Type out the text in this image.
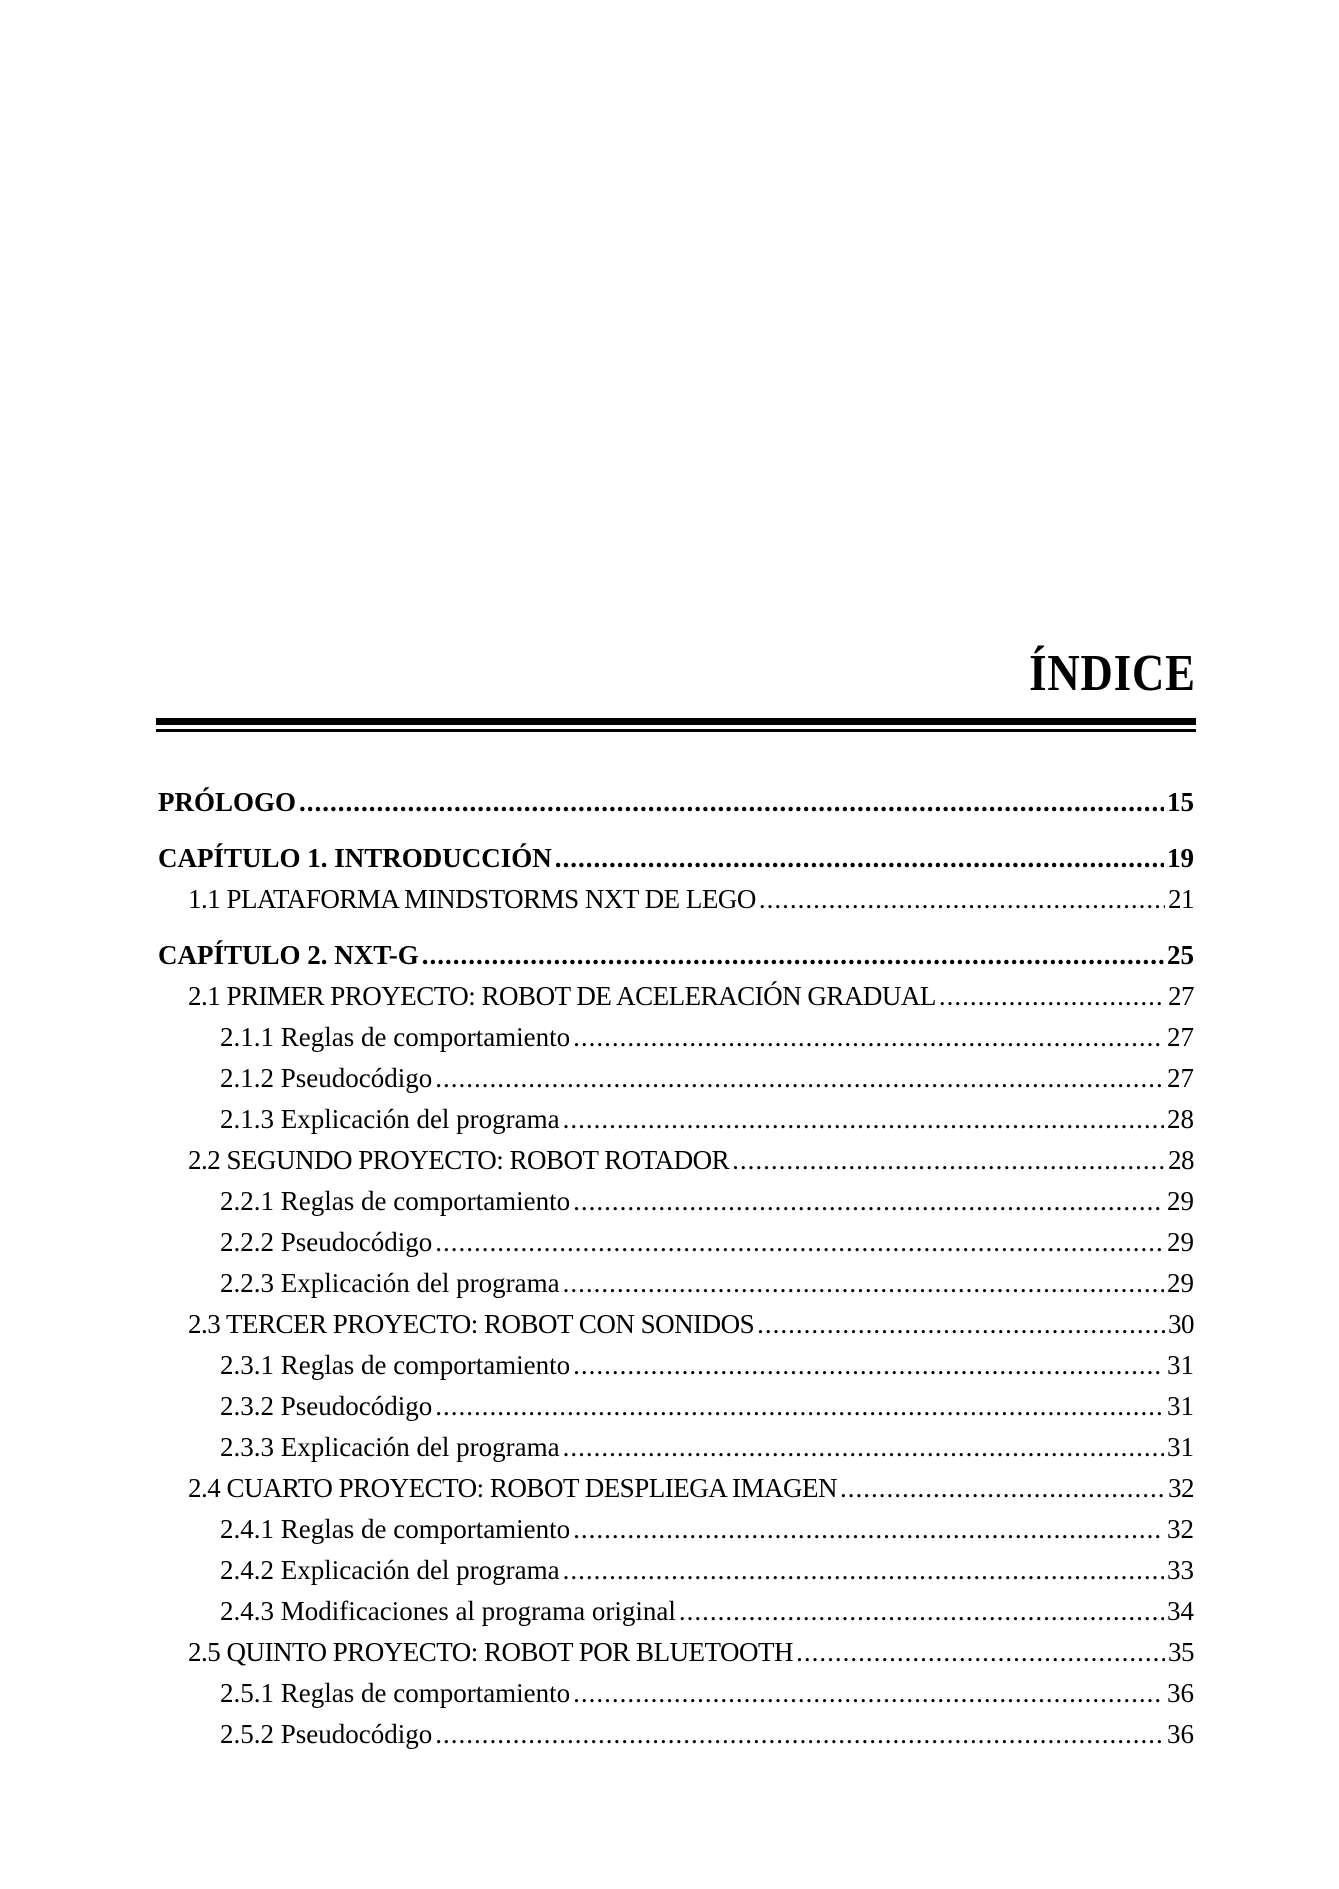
ÍNDICE
PRÓLOGO .....	15
CAPÍTULO 1. INTRODUCCIÓN .....	19
1.1 PLATAFORMA MINDSTORMS NXT DE LEGO .....	21
CAPÍTULO 2. NXT-G .....	25
2.1 PRIMER PROYECTO: ROBOT DE ACELERACIÓN GRADUAL .....	27
2.1.1 Reglas de comportamiento .....	27
2.1.2 Pseudocódigo .....	27
2.1.3 Explicación del programa .....	28
2.2 SEGUNDO PROYECTO: ROBOT ROTADOR .....	28
2.2.1 Reglas de comportamiento .....	29
2.2.2 Pseudocódigo .....	29
2.2.3 Explicación del programa .....	29
2.3 TERCER PROYECTO: ROBOT CON SONIDOS .....	30
2.3.1 Reglas de comportamiento .....	31
2.3.2 Pseudocódigo .....	31
2.3.3 Explicación del programa .....	31
2.4 CUARTO PROYECTO: ROBOT DESPLIEGA IMAGEN .....	32
2.4.1 Reglas de comportamiento .....	32
2.4.2 Explicación del programa .....	33
2.4.3 Modificaciones al programa original .....	34
2.5 QUINTO PROYECTO: ROBOT POR BLUETOOTH .....	35
2.5.1 Reglas de comportamiento .....	36
2.5.2 Pseudocódigo .....	36
